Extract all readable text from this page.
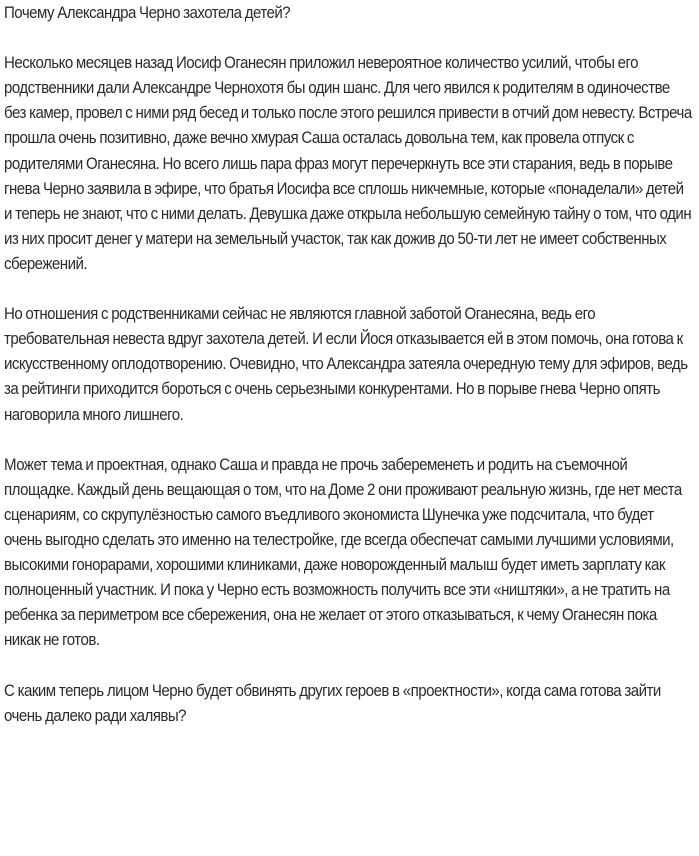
Почему Александра Черно захотела детей?

Несколько месяцев назад Иосиф Оганесян приложил невероятное количество усилий, чтобы его родственники дали Александре Чернохотя бы один шанс. Для чего явился к родителям в одиночестве без камер, провел с ними ряд бесед и только после этого решился привести в отчий дом невесту. Встреча прошла очень позитивно, даже вечно хмурая Саша осталась довольна тем, как провела отпуск с родителями Оганесяна. Но всего лишь пара фраз могут перечеркнуть все эти старания, ведь в порыве гнева Черно заявила в эфире, что братья Иосифа все сплошь никчемные, которые «понаделали» детей и теперь не знают, что с ними делать. Девушка даже открыла небольшую семейную тайну о том, что один из них просит денег у матери на земельный участок, так как дожив до 50-ти лет не имеет собственных сбережений.

Но отношения с родственниками сейчас не являются главной заботой Оганесяна, ведь его требовательная невеста вдруг захотела детей. И если Йося отказывается ей в этом помочь, она готова к искусственному оплодотворению. Очевидно, что Александра затеяла очередную тему для эфиров, ведь за рейтинги приходится бороться с очень серьезными конкурентами. Но в порыве гнева Черно опять наговорила много лишнего.

Может тема и проектная, однако Саша и правда не прочь забеременеть и родить на съемочной площадке. Каждый день вещающая о том, что на Доме 2 они проживают реальную жизнь, где нет места сценариям, со скрупулёзностью самого въедливого экономиста Шунечка уже подсчитала, что будет очень выгодно сделать это именно на телестройке, где всегда обеспечат самыми лучшими условиями, высокими гонорарами, хорошими клиниками, даже новорожденный малыш будет иметь зарплату как полноценный участник. И пока у Черно есть возможность получить все эти «ништяки», а не тратить на ребенка за периметром все сбережения, она не желает от этого отказываться, к чему Оганесян пока никак не готов.

С каким теперь лицом Черно будет обвинять других героев в «проектности», когда сама готова зайти очень далеко ради халявы?
